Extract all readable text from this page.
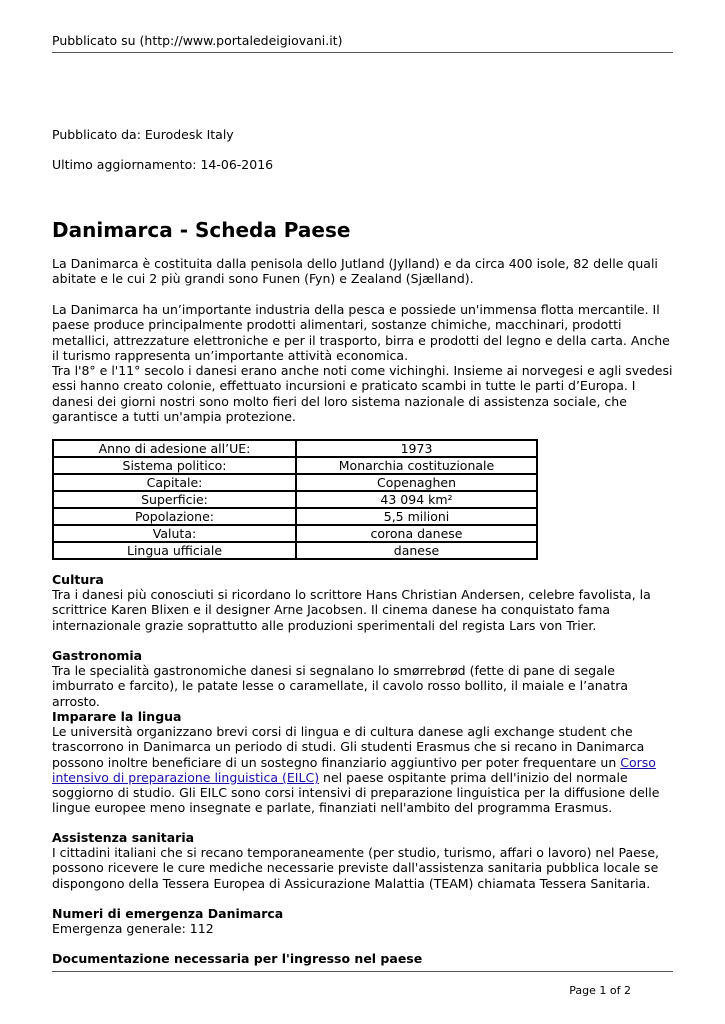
Pubblicato su (http://www.portaledeigiovani.it)
Pubblicato da: Eurodesk Italy
Ultimo aggiornamento: 14-06-2016
Danimarca - Scheda Paese

La Danimarca è costituita dalla penisola dello Jutland (Jylland) e da circa 400 isole, 82 delle quali abitate e le cui 2 più grandi sono Funen (Fyn) e Zealand (Sjælland).

La Danimarca ha un’importante industria della pesca e possiede un'immensa flotta mercantile. Il paese produce principalmente prodotti alimentari, sostanze chimiche, macchinari, prodotti metallici, attrezzature elettroniche e per il trasporto, birra e prodotti del legno e della carta. Anche il turismo rappresenta un’importante attività economica.

Tra l'8° e l'11° secolo i danesi erano anche noti come vichinghi. Insieme ai norvegesi e agli svedesi essi hanno creato colonie, effettuato incursioni e praticato scambi in tutte le parti d’Europa. I danesi dei giorni nostri sono molto fieri del loro sistema nazionale di assistenza sociale, che garantisce a tutti un'ampia protezione.

Anno di adesione all’UE:	1973
Sistema politico:	Monarchia costituzionale
Capitale:	Copenaghen
Superficie:	43 094 km²
Popolazione:	5,5 milioni
Valuta:	corona danese
Lingua ufficiale	danese
Cultura

Tra i danesi più conosciuti si ricordano lo scrittore Hans Christian Andersen, celebre favolista, la scrittrice Karen Blixen e il designer Arne Jacobsen. Il cinema danese ha conquistato fama internazionale grazie soprattutto alle produzioni sperimentali del regista Lars von Trier.

Gastronomia

Tra le specialità gastronomiche danesi si segnalano lo smørrebrød (fette di pane di segale imburrato e farcito), le patate lesse o caramellate, il cavolo rosso bollito, il maiale e l’anatra arrosto.

Imparare la lingua

Le università organizzano brevi corsi di lingua e di cultura danese agli exchange student che trascorrono in Danimarca un periodo di studi. Gli studenti Erasmus che si recano in Danimarca possono inoltre beneficiare di un sostegno finanziario aggiuntivo per poter frequentare un Corso intensivo di preparazione linguistica (EILC) nel paese ospitante prima dell'inizio del normale soggiorno di studio. Gli EILC sono corsi intensivi di preparazione linguistica per la diffusione delle lingue europee meno insegnate e parlate, finanziati nell'ambito del programma Erasmus.

Assistenza sanitaria

I cittadini italiani che si recano temporaneamente (per studio, turismo, affari o lavoro) nel Paese, possono ricevere le cure mediche necessarie previste dall'assistenza sanitaria pubblica locale se dispongono della Tessera Europea di Assicurazione Malattia (TEAM) chiamata Tessera Sanitaria.

Numeri di emergenza Danimarca

Emergenza generale: 112

Documentazione necessaria per l'ingresso nel paese
Page 1 of 2
